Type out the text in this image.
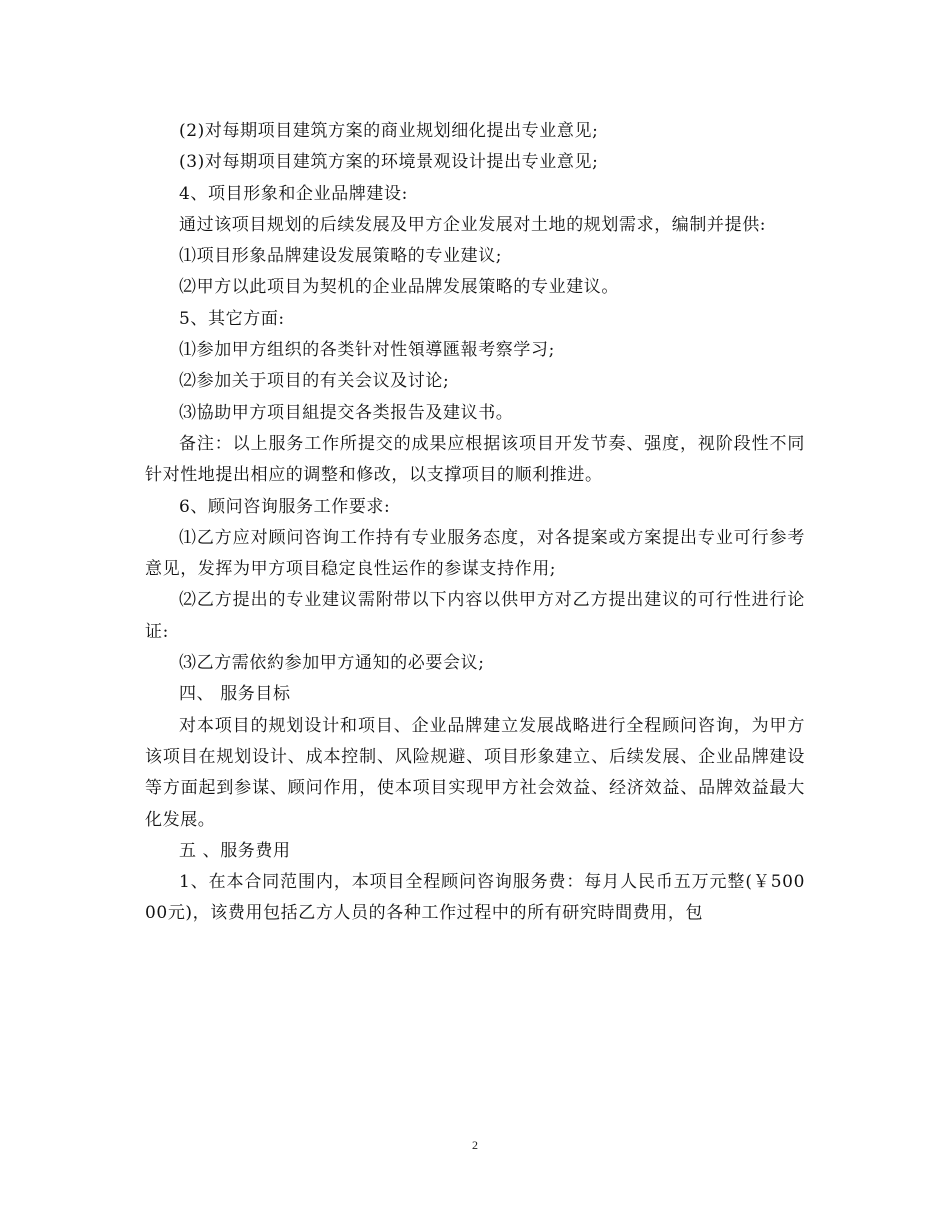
(2)对每期项目建筑方案的商业规划细化提出专业意见;

(3)对每期项目建筑方案的环境景观设计提出专业意见;

4、项目形象和企业品牌建设:

通过该项目规划的后续发展及甲方企业发展对土地的规划需求，编制并提供:

⑴项目形象品牌建设发展策略的专业建议;

⑵甲方以此项目为契机的企业品牌发展策略的专业建议。

5、其它方面:

⑴参加甲方组织的各类针对性領導匯報考察学习;

⑵参加关于项目的有关会议及讨论;

⑶協助甲方项目組提交各类报告及建议书。

备注：以上服务工作所提交的成果应根据该项目开发节奏、强度，视阶段性不同针对性地提出相应的调整和修改，以支撑项目的顺利推进。

6、顾问咨询服务工作要求:

⑴乙方应对顾问咨询工作持有专业服务态度，对各提案或方案提出专业可行参考意见，发挥为甲方项目稳定良性运作的参谋支持作用;

⑵乙方提出的专业建议需附带以下内容以供甲方对乙方提出建议的可行性进行论证:

⑶乙方需依約参加甲方通知的必要会议;

四、 服务目标

对本项目的规划设计和项目、企业品牌建立发展战略进行全程顾问咨询，为甲方该项目在规划设计、成本控制、风险规避、项目形象建立、后续发展、企业品牌建设等方面起到参谋、顾问作用，使本项目实现甲方社会效益、经济效益、品牌效益最大化发展。

五 、服务费用

1、在本合同范围内，本项目全程顾问咨询服务费：每月人民币五万元整(￥50000元)，该费用包括乙方人员的各种工作过程中的所有研究時間费用，包

2
